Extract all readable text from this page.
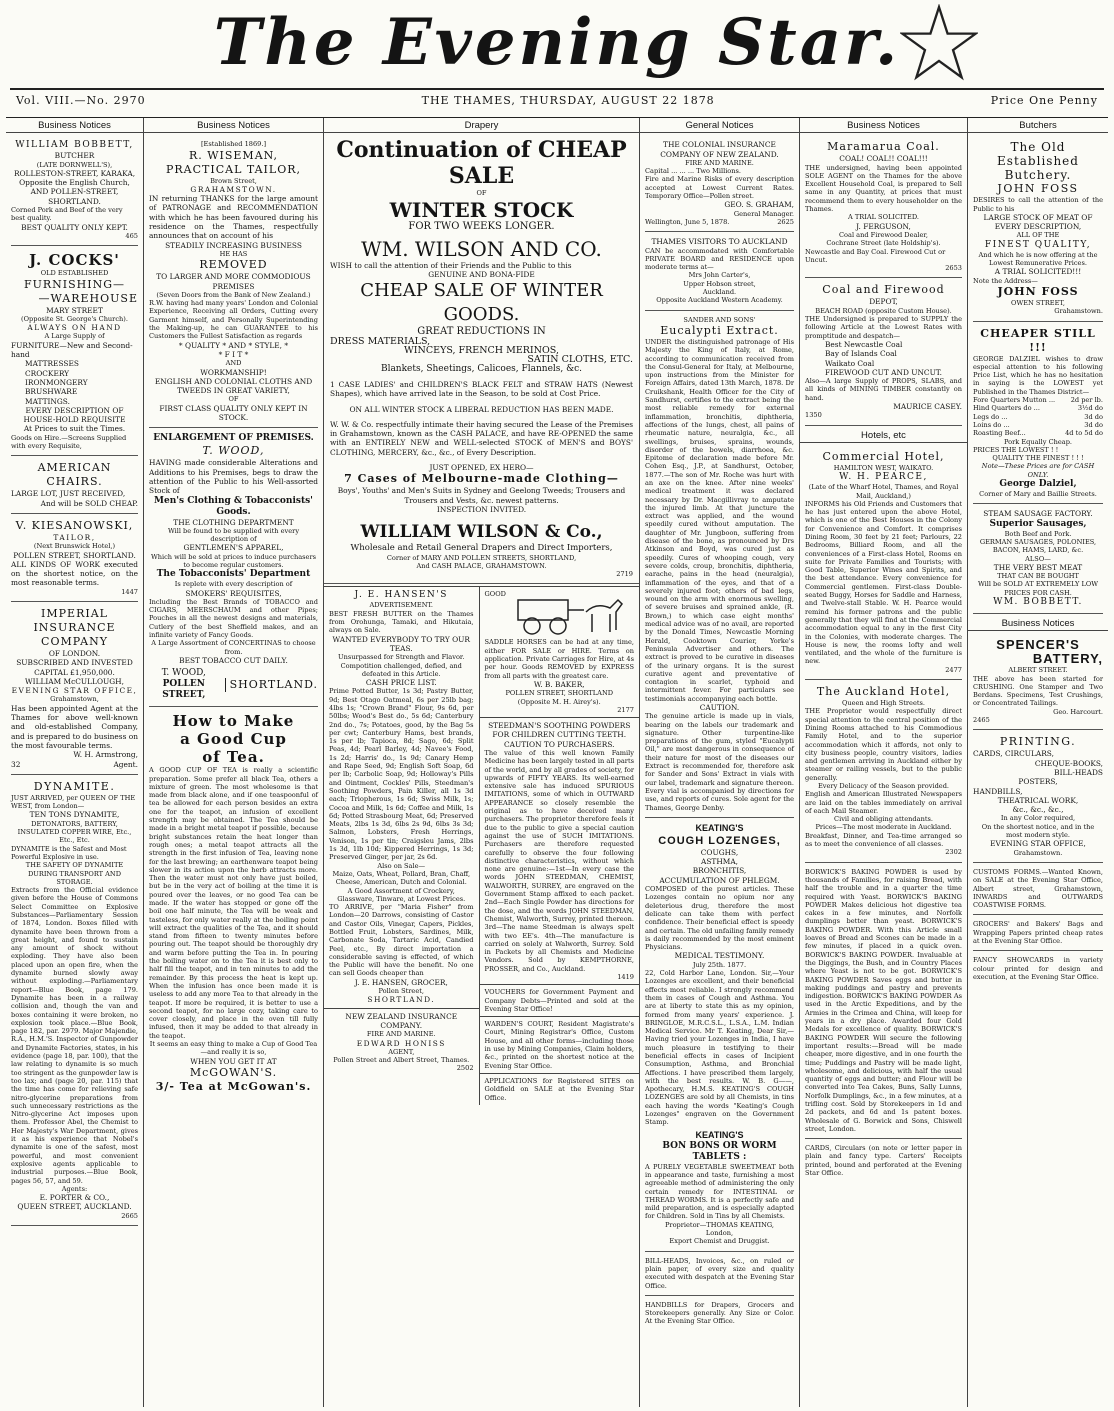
The Evening Star.
Vol. VIII.—No. 2970	THE THAMES, THURSDAY, AUGUST 22 1878	Price One Penny
Business Notices
WILLIAM BOBBETT,
BUTCHER
(LATE DORNWELL'S),
ROLLESTON-STREET, KARAKA,
Opposite the English Church,
AND POLLEN-STREET, SHORTLAND.
Corned Pork and Beef of the very best quality.
BEST QUALITY ONLY KEPT.
465
J. COCKS'
OLD ESTABLISHED
FURNISHING—
—WAREHOUSE
MARY STREET
(Opposite St. George's Church).
ALWAYS ON HAND
A Large Supply of
FURNITURE—New and Second-hand
MATTRESSES
CROCKERY
IRONMONGERY
BRUSHWARE
MATTINGS.
EVERY DESCRIPTION OF HOUSE-HOLD REQUISITE
At Prices to suit the Times.
Goods on Hire.—Screens Supplied with every Requisite,
AMERICAN CHAIRS.
LARGE LOT, JUST RECEIVED,
And will be SOLD CHEAP.
V. KIESANOWSKI,
TAILOR,
(Next Brunswick Hotel,)
POLLEN STREET, SHORTLAND.
ALL KINDS OF WORK executed on the shortest notice, on the most reasonable terms.
1447
IMPERIAL
INSURANCE COMPANY
OF LONDON.
SUBSCRIBED AND INVESTED
CAPITAL £1,950,000.
WILLIAM McCULLOUGH,
EVENING STAR OFFICE,
Grahamstown,
Has been appointed Agent at the Thames for above well-known and old-established Company, and is prepared to do business on the most favourable terms.
W. H. Armstrong,
32	Agent.
DYNAMITE.
JUST ARRIVED, per QUEEN OF THE WEST, from London—
TEN TONS DYNAMITE,
DETONATORS, BATTERY, INSULATED COPPER WIRE, Etc., Etc., Etc.
DYNAMITE is the Safest and Most Powerful Explosive in use.
THE SAFETY OF DYNAMITE DURING TRANSPORT AND STORAGE.
Extracts from the Official evidence given before the House of Commons Select Committee on Explosive Substances—Parliamentary Session of 1874, London. Boxes filled with dynamite have been thrown from a great height, and found to sustain any amount of shock without exploding. They have also been placed upon an open fire, when the dynamite burned slowly away without exploding.—Parliamentary report—Blue Book, page 179. Dynamite has been in a railway collision and, though the van and boxes containing it were broken, no explosion took place.—Blue Book, page 182, par. 2979. Major Majendie, R.A., H.M.'S. Inspector of Gunpowder and Dynamite Factories, states, in his evidence (page 18, par. 100), that the law relating to dynamite is so much too stringent as the gunpowder law is too lax; and (page 20, par. 115) that the time has come for relieving safe nitro-glycerine preparations from such unnecessary restrictions as the Nitro-glycerine Act imposes upon them. Professor Abel, the Chemist to Her Majesty's War Department, gives it as his experience that Nobel's dynamite is one of the safest, most powerful, and most convenient explosive agents applicable to industrial purposes.—Blue Book, pages 56, 57, and 59.
Agents:
E. PORTER & CO.,
QUEEN STREET, AUCKLAND.
2665
Business Notices
[Established 1869.]
R. WISEMAN,
PRACTICAL TAILOR,
Brown Street,
GRAHAMSTOWN.
IN returning THANKS for the large amount of PATRONAGE and RECOMMENDATION with which he has been favoured during his residence on the Thames, respectfully announces that on account of his
STEADILY INCREASING BUSINESS
HE HAS
REMOVED
TO LARGER AND MORE COMMODIOUS PREMISES
(Seven Doors from the Bank of New Zealand.)
R.W. having had many years' London and Colonial Experience, Receiving all Orders, Cutting every Garment himself, and Personally Superintending the Making-up, he can GUARANTEE to his Customers the Fullest Satisfaction as regards
* QUALITY * AND * STYLE, *
* F I T *
AND
WORKMANSHIP!
ENGLISH AND COLONIAL CLOTHS AND TWEEDS IN GREAT VARIETY,
OF
FIRST CLASS QUALITY ONLY KEPT IN STOCK.
ENLARGEMENT OF PREMISES.
T. WOOD,
HAVING made considerable Alterations and Additions to his Premises, begs to draw the attention of the Public to his Well-assorted Stock of
Men's Clothing & Tobacconists' Goods.
THE CLOTHING DEPARTMENT
Will be found to be supplied with every description of
GENTLEMEN'S APPAREL,
Which will be sold at prices to induce purchasers to become regular customers.
The Tobacconists' Department
Is replete with every description of
SMOKERS' REQUISITES,
Including the Best Brands of TOBACCO and CIGARS, MEERSCHAUM and other Pipes; Pouches in all the newest designs and materials, Cutlery of the best Sheffield makes, and an infinite variety of Fancy Goods.
A Large Assortment of CONCERTINAS to choose from.
BEST TOBACCO CUT DAILY.
T. WOOD,
POLLEN STREET,
SHORTLAND.
How to Make
a Good Cup
of Tea.
A GOOD CUP OF TEA is really a scientific preparation. Some prefer all black Tea, others a mixture of green. The most wholesome is that made from black alone, and if one teaspoonful of tea be allowed for each person besides an extra one for the teapot, an infusion of excellent strength may be obtained. The Tea should be made in a bright metal teapot if possible, because bright substances retain the heat longer than rough ones; a metal teapot attracts all the strength in the first infusion of Tea, leaving none for the last brewing; an earthenware teapot being slower in its action upon the herb attracts more. Then the water must not only have just boiled, but be in the very act of boiling at the time it is poured over the leaves, or no good Tea can be made. If the water has stopped or gone off the boil one half minute, the Tea will be weak and tasteless, for only water really at the boiling point will extract the qualities of the Tea, and it should stand from fifteen to twenty minutes before pouring out. The teapot should be thoroughly dry and warm before putting the Tea in. In pouring the boiling water on to the Tea it is best only to half fill the teapot, and in ten minutes to add the remainder. By this process the heat is kept up. When the infusion has once been made it is useless to add any more Tea to that already in the teapot. If more be required, it is better to use a second teapot, for no large cozy, taking care to cover closely, and place in the oven till fully infused, then it may be added to that already in the teapot.
It seems an easy thing to make a Cup of Good Tea—and really it is so,
WHEN YOU GET IT AT
McGOWAN'S.
3/- Tea at McGowan's.
Drapery
Continuation of CHEAP SALE
OF
WINTER STOCK
FOR TWO WEEKS LONGER.
WM. WILSON AND CO.
WISH to call the attention of their Friends and the Public to this
GENUINE AND BONA-FIDE
CHEAP SALE OF WINTER GOODS.
GREAT REDUCTIONS IN
DRESS MATERIALS,
WINCEYS, FRENCH MERINOS,
SATIN CLOTHS, ETC.
Blankets, Sheetings, Calicoes, Flannels, &c.
1 CASE LADIES' and CHILDREN'S BLACK FELT and STRAW HATS (Newest Shapes), which have arrived late in the Season, to be sold at Cost Price.
ON ALL WINTER STOCK A LIBERAL REDUCTION HAS BEEN MADE.
W. W. & Co. respectfully intimate their having secured the Lease of the Premises in Grahamstown, known as the CASH PALACE, and have RE-OPENED the same with an ENTIRELY NEW and WELL-selected STOCK of MEN'S and BOYS' CLOTHING, MERCERY, &c., &c., of Every Description.
JUST OPENED, EX HERO—
7 Cases of Melbourne-made Clothing—
Boys', Youths' and Men's Suits in Sydney and Geelong Tweeds; Trousers and Trousers and Vests, &c. newest patterns.
INSPECTION INVITED.
WILLIAM WILSON & Co.,
Wholesale and Retail General Drapers and Direct Importers,
Corner of MARY AND POLLEN STREETS, SHORTLAND,
And CASH PALACE, GRAHAMSTOWN.
2719
J. E. HANSEN'S
ADVERTISEMENT.
BEST FRESH BUTTER on the Thames from Orohunga, Tamaki, and Hikutaia, always on Sale.
WANTED EVERYBODY TO TRY OUR TEAS.
Unsurpassed for Strength and Flavor. Compotition challenged, defied, and defeated in this Article.
CASH PRICE LIST.
Prime Potted Butter, 1s 3d; Pastry Butter, 9d; Best Otago Oatmeal, 6s per 25lb bag; 4lbs 1s; "Crown Brand" Flour, 9s 6d, per 50lbs; Wood's Best do., 5s 6d; Canterbury 2nd do., 7s; Potatoes, good, by the Bag 5s per cwt; Canterbury Hams, best brands, 1s per lb; Tapioca, 8d; Sago, 6d; Split Peas, 4d; Pearl Barley, 4d; Navee's Food, 1s 2d; Harris' do., 1s 9d; Canary Hemp and Rape Seed, 9d; English Soft Soap, 6d per lb; Carbolic Soap, 9d; Holloway's Pills and Ointment, Cockles' Pills, Steedman's Soothing Powders, Pain Killer, all 1s 3d each; Triopherous, 1s 6d; Swiss Milk, 1s; Cocoa and Milk, 1s 6d; Coffee and Milk, 1s 6d; Potted Strasbourg Meat, 6d; Preserved Meats, 2lbs 1s 3d, 6lbs 2s 9d, 6lbs 3s 3d; Salmon, Lobsters, Fresh Herrings, Venison, 1s per tin; Craigsleu Jams, 2lbs 1s 3d, 1lb 10d; Kippered Herrings, 1s 3d; Preserved Ginger, per jar, 2s 6d.
Also on Sale—
Maize, Oats, Wheat, Pollard, Bran, Chaff, Cheese, American, Dutch and Colonial.
A Good Assortment of Crockery, Glassware, Tinware, at Lowest Prices.
TO ARRIVE, per "Maria Fisher" from London—20 Darrows, consisting of Castor and Castor Oils, Vinegar, Capers, Pickles, Bottled Fruit, Lobsters, Sardines, Milk, Carbonate Soda, Tartaric Acid, Candied Peel, etc., By direct importation a considerable saving is effected, of which the Public will have the benefit. No one can sell Goods cheaper than
J. E. HANSEN, GROCER,
Pollen Street,
SHORTLAND.
NEW ZEALAND INSURANCE COMPANY.
FIRE AND MARINE.
EDWARD HONISS
AGENT,
Pollen Street and Albert Street, Thames.
2502
GOOD SADDLE HORSES can be had at any time, either FOR SALE or HIRE. Terms on application. Private Carriages for Hire, at 4s per hour. Goods REMOVED by EXPRESS from all parts with the greatest care.
W. B. BAKER,
POLLEN STREET, SHORTLAND
(Opposite M. H. Airey's).
2177
STEEDMAN'S SOOTHING POWDERS FOR CHILDREN CUTTING TEETH.
CAUTION TO PURCHASERS.
The value of this well known Family Medicine has been largely tested in all parts of the world, and by all grades of society, for upwards of FIFTY YEARS. Its well-earned extensive sale has induced SPURIOUS IMITATIONS, some of which in OUTWARD APPEARANCE so closely resemble the original as to have deceived many purchasers. The proprietor therefore feels it due to the public to give a special caution against the use of SUCH IMITATIONS. Purchasers are therefore requested carefully to observe the four following distinctive characteristics, without which none are genuine:—1st—In every case the words JOHN STEEDMAN, CHEMIST, WALWORTH, SURREY, are engraved on the Government Stamp affixed to each packet. 2nd—Each Single Powder has directions for the dose, and the words JOHN STEEDMAN, Chemist, Walworth, Surrey, printed thereon. 3rd—The name Steedman is always spelt with two EE's. 4th—The manufacture is carried on solely at Walworth, Surrey. Sold in Packets by all Chemists and Medicine Vendors. Sold by KEMPTHORNE, PROSSER, and Co., Auckland.
1419
VOUCHERS for Government Payment and Company Debts—Printed and sold at the Evening Star Office!
WARDEN'S COURT, Resident Magistrate's Court, Mining Registrar's Office, Custom House, and all other forms—including those in use by Mining Companies, Claim holders, &c., printed on the shortest notice at the Evening Star Office.
APPLICATIONS for Registered SITES on Goldfield on SALE at the Evening Star Office.
General Notices
THE COLONIAL INSURANCE COMPANY OF NEW ZEALAND.
FIRE AND MARINE.
Capital ... ... ... Two Millions.
Fire and Marine Risks of every description accepted at Lowest Current Rates. Temporary Office—Pollen street.
GEO. S. GRAHAM,
General Manager.
Wellington, June 5, 1878.	2625
THAMES VISITORS TO AUCKLAND
CAN be accommodated with Comfortable PRIVATE BOARD and RESIDENCE upon moderate terms at—
Mrs John Carter's,
Upper Hobson street,
Auckland.
Opposite Auckland Western Academy.
SANDER AND SONS'
Eucalypti Extract.
UNDER the distinguished patronage of His Majesty the King of Italy, at Rome, according to communication received from the Consul-General for Italy, at Melbourne, upon instructions from the Minister for Foreign Affairs, dated 13th March, 1878. Dr Cruikshank, Health Officer for the City of Sandhurst, certifies to the extract being the most reliable remedy for external inflammation, bronchitis, diphtheria, affections of the lungs, chest, all pains of rheumatic nature, neuralgia, &c., all swellings, bruises, sprains, wounds, disorder of the bowels, diarrhoea, &c. Epitome of declaration made before Mr. Cohen Esq., J.P., at Sandhurst, October, 1877.—The son of Mr. Roche was hurt with an axe on the knee. After nine weeks' medical treatment it was declared necessary by Dr. Macgillivray to amputate the injured limb. At that juncture the extract was applied, and the wound speedily cured without amputation. The daughter of Mr. Jungboon, suffering from disease of the bone, as pronounced by Drs Atkinson and Boyd, was cured just as speedily. Cures of whooping cough, very severe colds, croup, bronchitis, diphtheria, earache, pains in the head (neuralgia), inflammation of the eyes, and that of a severely injured foot; others of bad legs, wound on the arm with enormous swelling, of severe bruises and sprained ankle, (R. Brown,) to which case eight months' medical advice was of no avail, are reported by the Donald Times, Newcastle Morning Herald, Cooktown Courier, Yorke's Peninsula Advertiser and others. The extract is proved to be curative in diseases of the urinary organs. It is the surest curative agent and preventative of contagion in scarlet, typhoid and intermittent fever. For particulars see testimonials accompanying each bottle.
CAUTION.
The genuine article is made up in vials, bearing on the labels our trademark and signature. Other turpentine-like preparations of the gum, styled "Eucalypti Oil," are most dangerous in consequence of their nature for most of the diseases our Extract is recommended for, therefore ask for Sander and Sons' Extract in vials with our label, trademark and signature thereon. Every vial is accompanied by directions for use, and reports of cures. Sole agent for the Thames, George Denby.
KEATING'S
COUGH LOZENGES,
COUGHS,
ASTHMA,
BRONCHITIS,
ACCUMULATION OF PHLEGM.
COMPOSED of the purest articles. These Lozenges contain no opium nor any deleterious drug, therefore the most delicate can take them with perfect confidence. Their beneficial effect is speedy and certain. The old unfailing family remedy is daily recommended by the most eminent Physicians.
MEDICAL TESTIMONY.
July 25th. 1877.
22, Cold Harbor Lane, London. Sir,—Your Lozenges are excellent, and their beneficial effects most reliable. I strongly recommend them in cases of Cough and Asthma. You are at liberty to state this as my opinion, formed from many years' experience. J. BRINGLOE, M.R.C.S.L., L.S.A., L.M. Indian Medical Service. Mr T. Keating, Dear Sir,—Having tried your Lozenges in India, I have much pleasure in testifying to their beneficial effects in cases of Incipient Consumption, Asthma, and Bronchial Affections. I have prescribed them largely, with the best results. W. B. G——, Apothecary, H.M.S. KEATING'S COUGH LOZENGES are sold by all Chemists, in tins each having the words "Keating's Cough Lozenges" engraven on the Government Stamp.
KEATING'S
BON BONS OR WORM TABLETS :
A PURELY VEGETABLE SWEETMEAT both in appearance and taste, furnishing a most agreeable method of administering the only certain remedy for INTESTINAL or THREAD WORMS. It is a perfectly safe and mild preparation, and is especially adapted for Children. Sold in Tins by all Chemists.
Proprietor—THOMAS KEATING,
London,
Export Chemist and Druggist.
BILL-HEADS, Invoices, &c., on ruled or plain paper, of every size and quality executed with despatch at the Evening Star Office.
HANDBILLS for Drapers, Grocers and Storekeepers generally. Any Size or Color. At the Evening Star Office.
Business Notices
Maramarua Coal.
COAL! COAL!! COAL!!!
THE undersigned, having been appointed SOLE AGENT on the Thames for the above Excellent Household Coal, is prepared to Sell same in any Quantity, at prices that must recommend them to every householder on the Thames.
A TRIAL SOLICITED.
J. FERGUSON,
Coal and Firewood Dealer,
Cochrane Street (late Holdship's).
Newcastle and Bay Coal. Firewood Cut or Uncut.
2653
Coal and Firewood
DEPOT,
BEACH ROAD (opposite Custom House).
THE Undersigned is prepared to SUPPLY the following Article at the Lowest Rates with promptitude and despatch—
Best Newcastle Coal
Bay of Islands Coal
Waikato Coal
FIREWOOD CUT AND UNCUT.
Also—A large Supply of PROPS, SLABS, and all kinds of MINING TIMBER constantly on hand.
MAURICE CASEY.
1350
Hotels, etc
Commercial Hotel,
HAMILTON WEST, WAIKATO.
W. H. PEARCE,
(Late of the Wharf Hotel, Thames, and Royal Mail, Auckland,)
INFORMS his Old Friends and Customers that he has just entered upon the above Hotel, which is one of the Best Houses in the Colony for Convenience and Comfort. It comprises Dining Room, 30 feet by 21 feet; Parlours, 22 Bedrooms, Billiard Room, and all the conveniences of a First-class Hotel, Rooms en suite for Private Families and Tourists; with Good Table, Superior Wines and Spirits, and the best attendance. Every convenience for Commercial gentlemen. First-class Double-seated Buggy, Horses for Saddle and Harness, and Twelve-stall Stable. W. H. Pearce would remind his former patrons and the public generally that they will find at the Commercial accommodation equal to any in the first City in the Colonies, with moderate charges. The House is new, the rooms lofty and well ventilated, and the whole of the furniture is new.
2477
The Auckland Hotel,
Queen and High Streets.
THE Proprietor would respectfully direct special attention to the central position of the Dining Rooms attached to his Commodious Family Hotel, and to the superior accommodation which it affords, not only to city business people, country visitors, ladies and gentlemen arriving in Auckland either by steamer or railing vessels, but to the public generally.
Every Delicacy of the Season provided.
English and American Illustrated Newspapers are laid on the tables immediately on arrival of each Mail Steamer.
Civil and obliging attendants.
Prices—The most moderate in Auckland.
Breakfast, Dinner, and Tea-time arranged so as to meet the convenience of all classes.
2302
BORWICK'S BAKING POWDER is used by thousands of Families, for raising Bread, with half the trouble and in a quarter the time required with Yeast. BORWICK'S BAKING POWDER Makes delicious hot digestive tea cakes in a few minutes, and Norfolk dumplings better than yeast. BORWICK'S BAKING POWDER. With this Article small loaves of Bread and Scones can be made in a few minutes, if placed in a quick oven. BORWICK'S BAKING POWDER. Invaluable at the Diggings, the Bush, and in Country Places where Yeast is not to be got. BORWICK'S BAKING POWDER Saves eggs and butter in making puddings and pastry and prevents indigestion. BORWICK'S BAKING POWDER As used in the Arctic Expeditions, and by the Armies in the Crimea and China, will keep for years in a dry place. Awarded four Gold Medals for excellence of quality. BORWICK'S BAKING POWDER Will secure the following important results:—Bread will be made cheaper, more digestive, and in one fourth the time; Puddings and Pastry will be made light, wholesome, and delicious, with half the usual quantity of eggs and butter; and Flour will be converted into Tea Cakes, Buns, Sally Lunns, Norfolk Dumplings, &c., in a few minutes, at a trifling cost. Sold by Storekeepers in 1d and 2d packets, and 6d and 1s patent boxes. Wholesale of G. Borwick and Sons, Chiswell street, London.
CARDS, Circulars (on note or letter paper in plain and fancy type. Carters' Receipts printed, bound and perforated at the Evening Star Office.
Butchers
The Old Established Butchery.
JOHN FOSS
DESIRES to call the attention of the Public to his
LARGE STOCK OF MEAT OF EVERY DESCRIPTION,
ALL OF THE
FINEST QUALITY,
And which he is now offering at the
Lowest Remunerative Prices.
A TRIAL SOLICITED!!!
Note the Address—
JOHN FOSS
OWEN STREET,
Grahamstown.
CHEAPER STILL !!!
GEORGE DALZIEL wishes to draw especial attention to his following Price List, which he has no hesitation in saying is the LOWEST yet Published in the Thames District—
Fore Quarters Mutton ... 2d per lb.
Hind Quarters do ...	3½d do
Legs do ...	3d do
Loins do ...	3d do
Roasting Beef...	4d to 5d do
Pork Equally Cheap.
PRICES THE LOWEST ! !
QUALITY THE FINEST ! ! !
Note—These Prices are for CASH ONLY.
George Dalziel,
Corner of Mary and Baillie Streets.
STEAM SAUSAGE FACTORY.
Superior Sausages,
Both Beef and Pork.
GERMAN SAUSAGES, POLONIES,
BACON, HAMS, LARD, &c.
ALSO—
THE VERY BEST MEAT
THAT CAN BE BOUGHT
Will be SOLD AT EXTREMELY LOW PRICES FOR CASH.
WM. BOBBETT.
Business Notices
SPENCER'S
BATTERY,
ALBERT STREET.
THE above has been started for CRUSHING. One Stamper and Two Berdans. Specimens, Test Crushings, or Concentrated Tailings.
Geo. Harcourt.
2465
PRINTING.
CARDS, CIRCULARS,
CHEQUE-BOOKS,
BILL-HEADS
POSTERS,
HANDBILLS,
THEATRICAL WORK,
&c., &c., &c.,
In any Color required,
On the shortest notice, and in the most modern style.
EVENING STAR OFFICE,
Grahamstown.
CUSTOMS FORMS.—Wanted Known, on SALE at the Evening Star Office, Albert street, Grahamstown, INWARDS and OUTWARDS COASTWISE FORMS.
GROCERS' and Bakers' Bags and Wrapping Papers printed cheap rates at the Evening Star Office.
FANCY SHOWCARDS in variety colour printed for design and execution, at the Evening Star Office.
